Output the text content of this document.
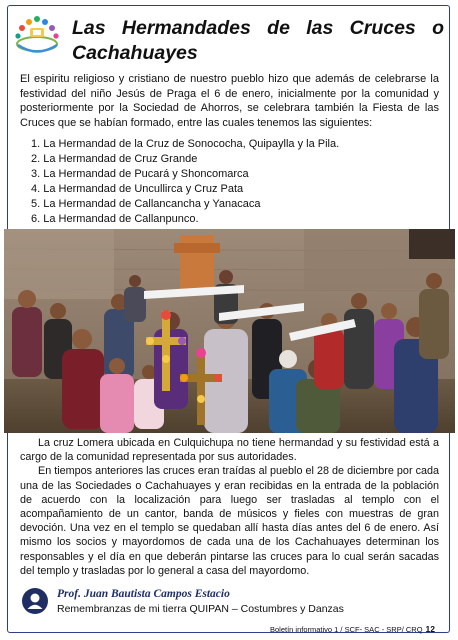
Las Hermandades de las Cruces o
Cachahuayes

El espiritu religioso y cristiano de nuestro pueblo hizo que además de celebrarse la festividad del niño Jesús de Praga el 6 de enero, inicialmente por la comunidad y posteriormente por la Sociedad de Ahorros, se celebrara también la Fiesta de las Cruces que se habían formado, entre las cuales tenemos las siguientes:

1. La Hermandad de la Cruz de Sonococha, Quipaylla y la Pila.
2. La Hermandad de Cruz Grande
3. La Hermandad de Pucará y Shoncomarca
4. La Hermandad de Uncullirca y Cruz Pata
5. La Hermandad de Callancancha y Yanacaca
6. La Hermandad de Callanpunco.

La cruz Lomera ubicada en Culquichupa no tiene hermandad y su festividad está a cargo de la comunidad representada por sus autoridades.

En tiempos anteriores las cruces eran traídas al pueblo el 28 de diciembre por cada una de las Sociedades o Cachahuayes y eran recibidas en la entrada de la población de acuerdo con la localización para luego ser trasladas al templo con el acompañamiento de un cantor, banda de músicos y fieles con muestras de gran devoción. Una vez en el templo se quedaban allí hasta días antes del 6 de enero. Así mismo los socios y mayordomos de cada una de los Cachahuayes determinan los responsables y el día en que deberán pintarse las cruces para lo cual serán sacadas del templo y trasladas por lo general a casa del mayordomo.

Prof. Juan Bautista Campos Estacio
Remembranzas de mi tierra QUIPAN – Costumbres y Danzas
Boletín informativo 1 / SCF- SAC - SRP/ CRQ 12
